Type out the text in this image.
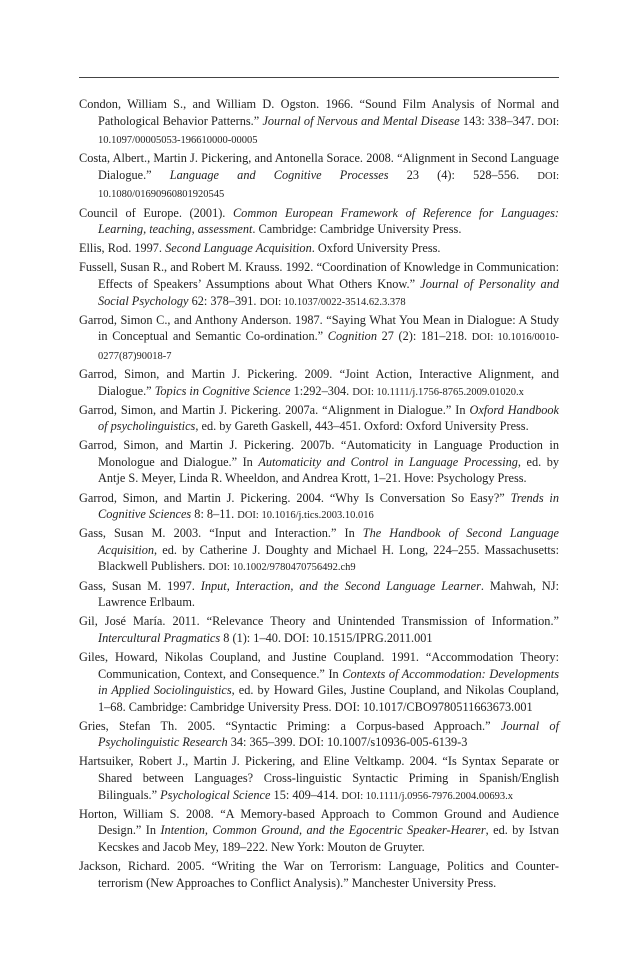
Condon, William S., and William D. Ogston. 1966. “Sound Film Analysis of Normal and Pathological Behavior Patterns.” Journal of Nervous and Mental Disease 143: 338–347. DOI: 10.1097/00005053-196610000-00005

Costa, Albert., Martin J. Pickering, and Antonella Sorace. 2008. “Alignment in Second Language Dialogue.” Language and Cognitive Processes 23 (4): 528–556. DOI: 10.1080/01690960801920545

Council of Europe. (2001). Common European Framework of Reference for Languages: Learning, teaching, assessment. Cambridge: Cambridge University Press.

Ellis, Rod. 1997. Second Language Acquisition. Oxford University Press.

Fussell, Susan R., and Robert M. Krauss. 1992. “Coordination of Knowledge in Communication: Effects of Speakers’ Assumptions about What Others Know.” Journal of Personality and Social Psychology 62: 378–391. DOI: 10.1037/0022-3514.62.3.378

Garrod, Simon C., and Anthony Anderson. 1987. “Saying What You Mean in Dialogue: A Study in Conceptual and Semantic Co-ordination.” Cognition 27 (2): 181–218. DOI: 10.1016/0010-0277(87)90018-7

Garrod, Simon, and Martin J. Pickering. 2009. “Joint Action, Interactive Alignment, and Dialogue.” Topics in Cognitive Science 1:292–304. DOI: 10.1111/j.1756-8765.2009.01020.x

Garrod, Simon, and Martin J. Pickering. 2007a. “Alignment in Dialogue.” In Oxford Handbook of psycholinguistics, ed. by Gareth Gaskell, 443–451. Oxford: Oxford University Press.

Garrod, Simon, and Martin J. Pickering. 2007b. “Automaticity in Language Production in Monologue and Dialogue.” In Automaticity and Control in Language Processing, ed. by Antje S. Meyer, Linda R. Wheeldon, and Andrea Krott, 1–21. Hove: Psychology Press.

Garrod, Simon, and Martin J. Pickering. 2004. “Why Is Conversation So Easy?” Trends in Cognitive Sciences 8: 8–11. DOI: 10.1016/j.tics.2003.10.016

Gass, Susan M. 2003. “Input and Interaction.” In The Handbook of Second Language Acquisition, ed. by Catherine J. Doughty and Michael H. Long, 224–255. Massachusetts: Blackwell Publishers. DOI: 10.1002/9780470756492.ch9

Gass, Susan M. 1997. Input, Interaction, and the Second Language Learner. Mahwah, NJ: Lawrence Erlbaum.

Gil, José María. 2011. “Relevance Theory and Unintended Transmission of Information.” Intercultural Pragmatics 8 (1): 1–40. DOI: 10.1515/IPRG.2011.001

Giles, Howard, Nikolas Coupland, and Justine Coupland. 1991. “Accommodation Theory: Communication, Context, and Consequence.” In Contexts of Accommodation: Developments in Applied Sociolinguistics, ed. by Howard Giles, Justine Coupland, and Nikolas Coupland, 1–68. Cambridge: Cambridge University Press. DOI: 10.1017/CBO9780511663673.001

Gries, Stefan Th. 2005. “Syntactic Priming: a Corpus-based Approach.” Journal of Psycholinguistic Research 34: 365–399. DOI: 10.1007/s10936-005-6139-3

Hartsuiker, Robert J., Martin J. Pickering, and Eline Veltkamp. 2004. “Is Syntax Separate or Shared between Languages? Cross-linguistic Syntactic Priming in Spanish/English Bilinguals.” Psychological Science 15: 409–414. DOI: 10.1111/j.0956-7976.2004.00693.x

Horton, William S. 2008. “A Memory-based Approach to Common Ground and Audience Design.” In Intention, Common Ground, and the Egocentric Speaker-Hearer, ed. by Istvan Kecskes and Jacob Mey, 189–222. New York: Mouton de Gruyter.

Jackson, Richard. 2005. “Writing the War on Terrorism: Language, Politics and Counter-terrorism (New Approaches to Conflict Analysis).” Manchester University Press.
